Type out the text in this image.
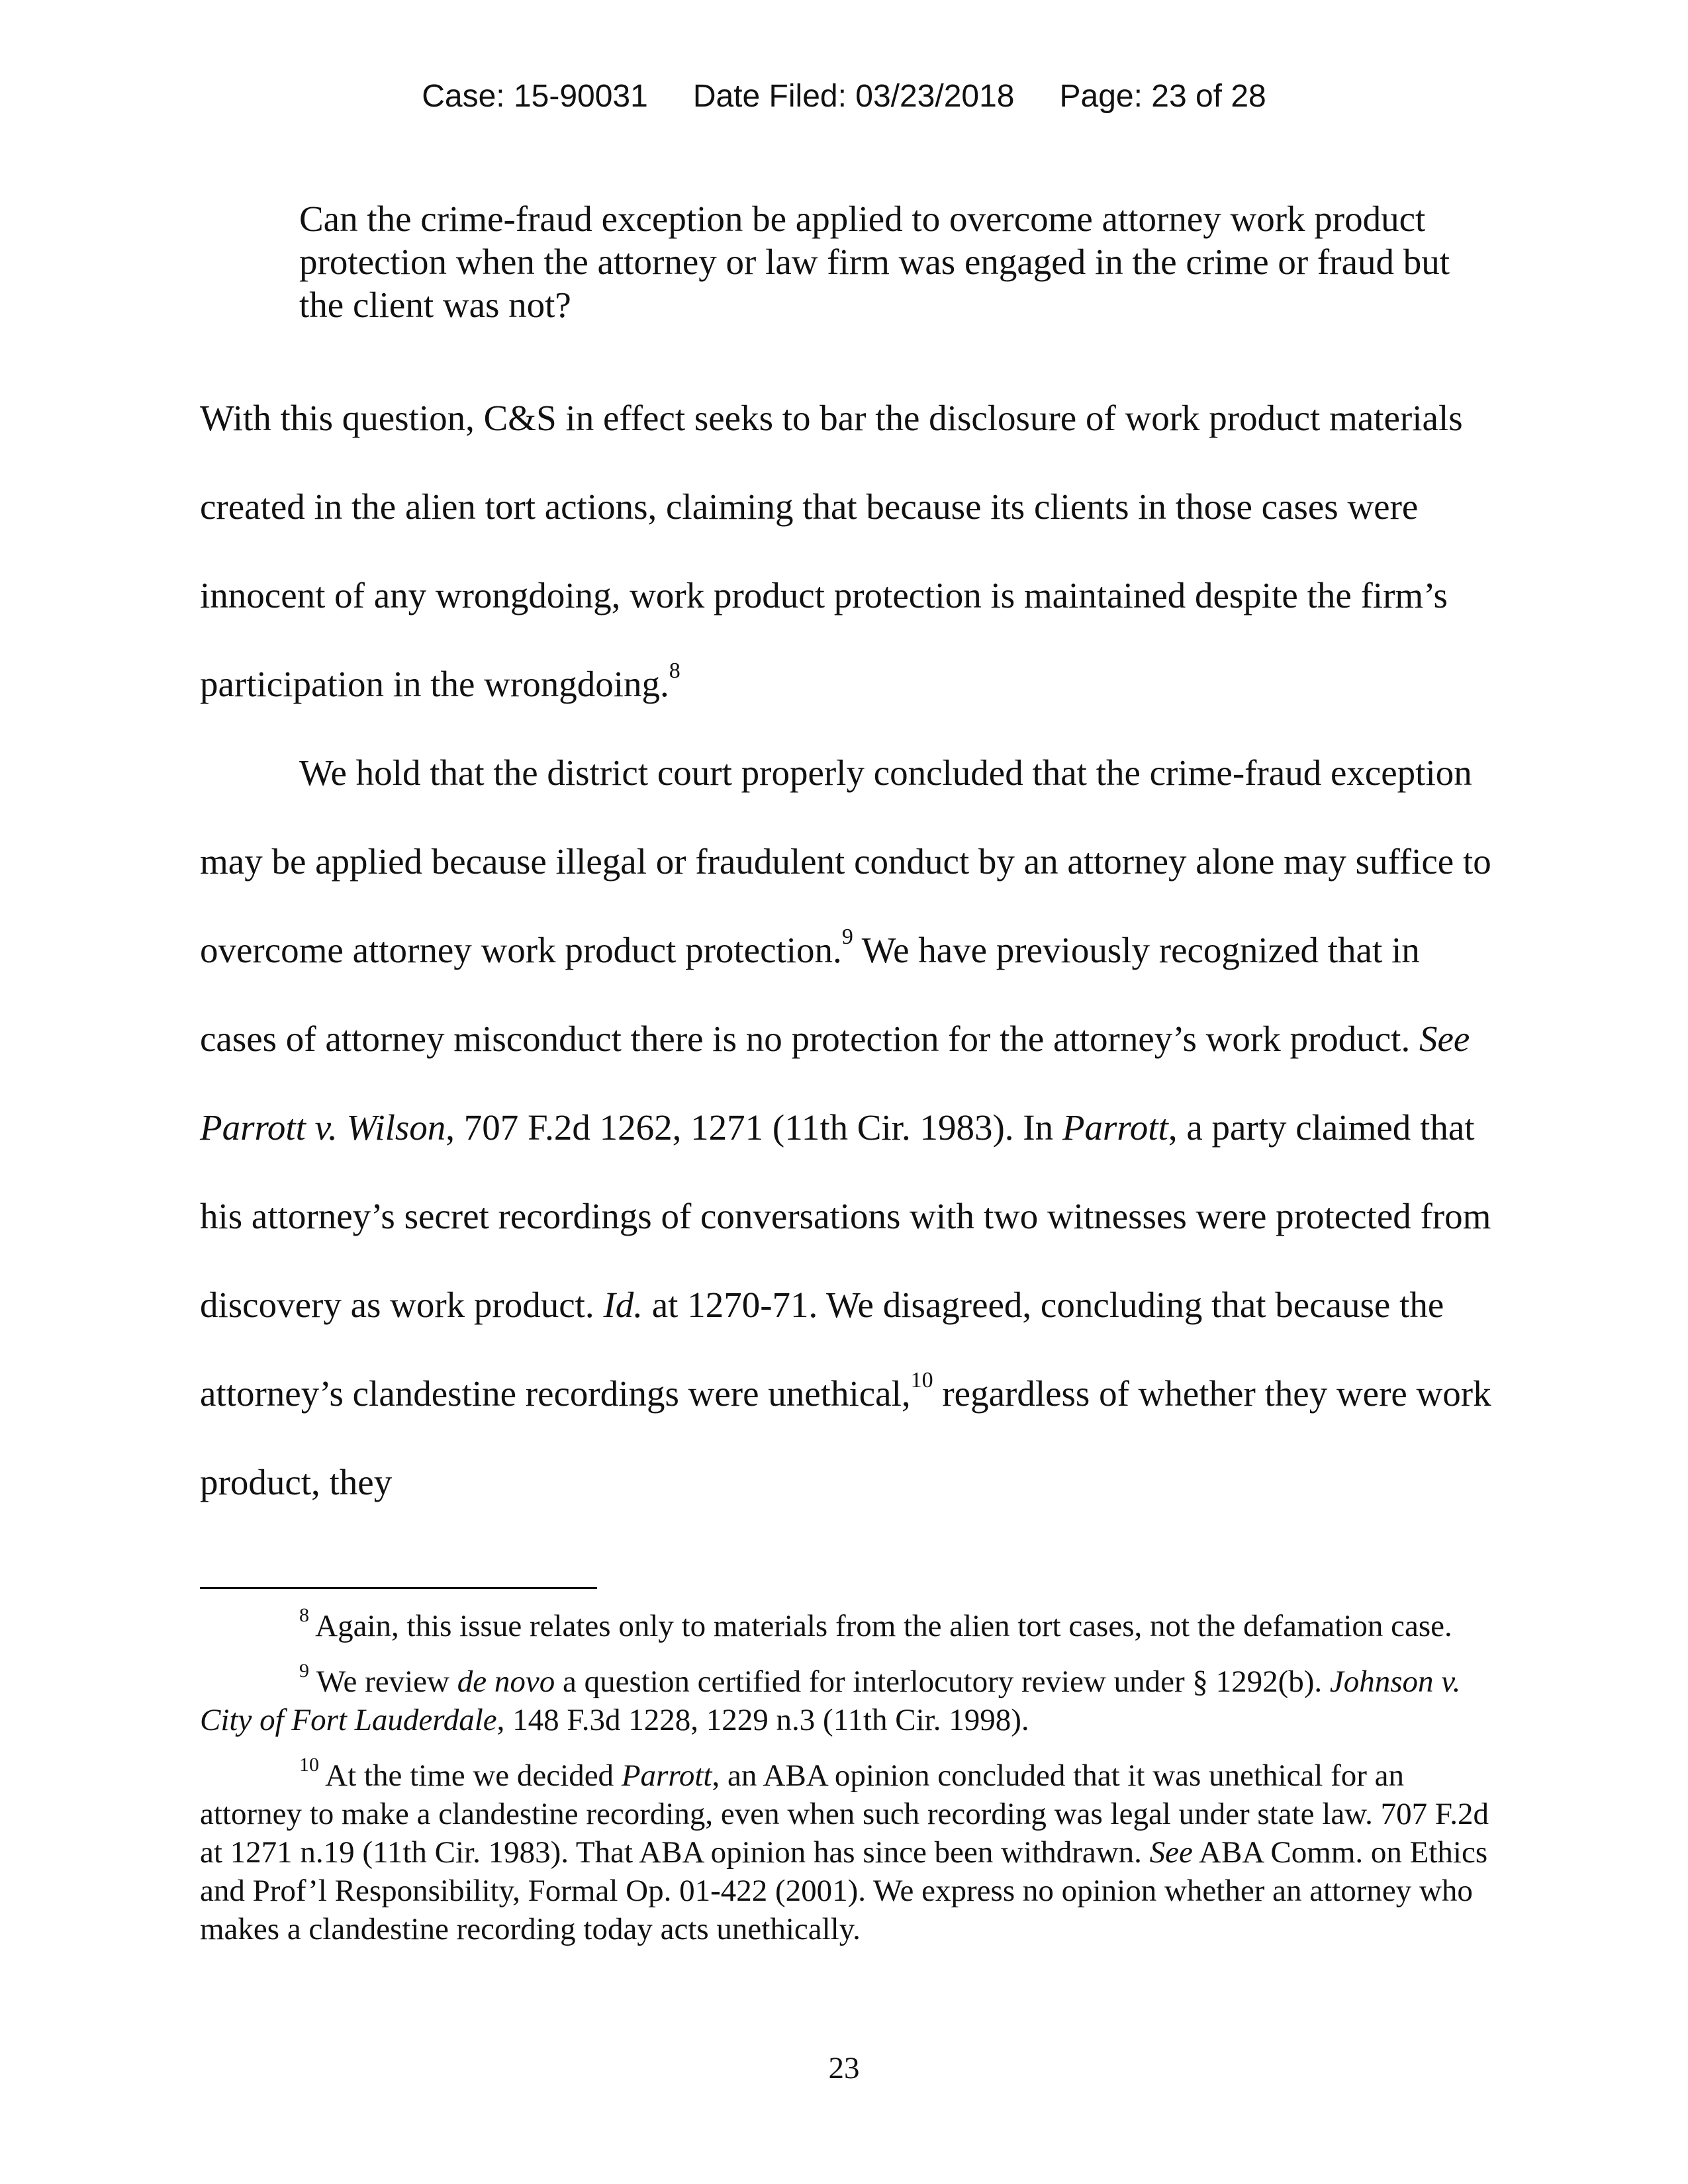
Case: 15-90031 Date Filed: 03/23/2018 Page: 23 of 28
Can the crime-fraud exception be applied to overcome attorney work product protection when the attorney or law firm was engaged in the crime or fraud but the client was not?

With this question, C&S in effect seeks to bar the disclosure of work product materials created in the alien tort actions, claiming that because its clients in those cases were innocent of any wrongdoing, work product protection is maintained despite the firm’s participation in the wrongdoing.$^8$

We hold that the district court properly concluded that the crime-fraud exception may be applied because illegal or fraudulent conduct by an attorney alone may suffice to overcome attorney work product protection.$^9$ We have previously recognized that in cases of attorney misconduct there is no protection for the attorney’s work product. See Parrott v. Wilson, 707 F.2d 1262, 1271 (11th Cir. 1983). In Parrott, a party claimed that his attorney’s secret recordings of conversations with two witnesses were protected from discovery as work product. Id. at 1270-71. We disagreed, concluding that because the attorney’s clandestine recordings were unethical,$^{10}$ regardless of whether they were work product, they

$^8$ Again, this issue relates only to materials from the alien tort cases, not the defamation case.

$^9$ We review de novo a question certified for interlocutory review under § 1292(b). Johnson v. City of Fort Lauderdale, 148 F.3d 1228, 1229 n.3 (11th Cir. 1998).

$^{10}$ At the time we decided Parrott, an ABA opinion concluded that it was unethical for an attorney to make a clandestine recording, even when such recording was legal under state law. 707 F.2d at 1271 n.19 (11th Cir. 1983). That ABA opinion has since been withdrawn. See ABA Comm. on Ethics and Prof’l Responsibility, Formal Op. 01-422 (2001). We express no opinion whether an attorney who makes a clandestine recording today acts unethically.

23
